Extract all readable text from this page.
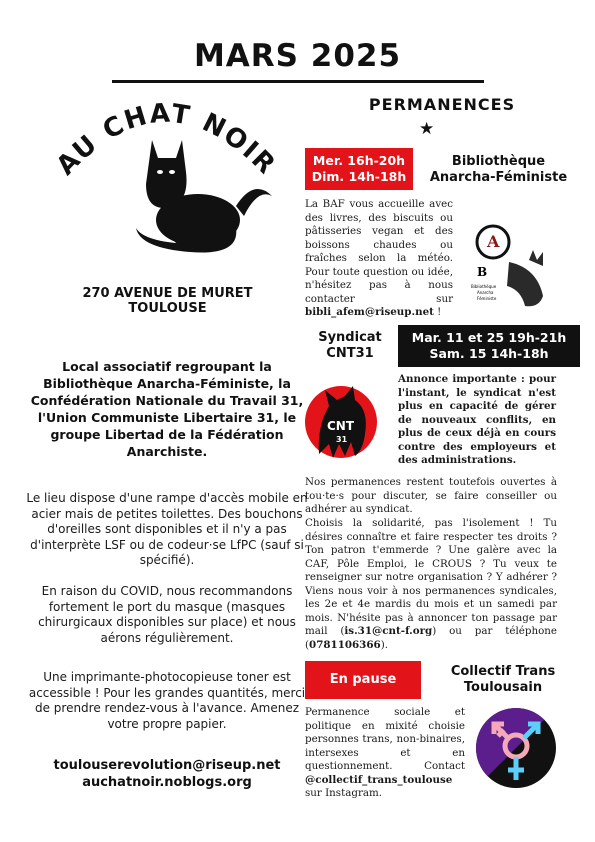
MARS 2025
AU CHAT NOIR
270 AVENUE DE MURET
TOULOUSE
Local associatif regroupant la Bibliothèque Anarcha-Féministe, la Confédération Nationale du Travail 31, l'Union Communiste Libertaire 31, le groupe Libertad de la Fédération Anarchiste.
Le lieu dispose d'une rampe d'accès mobile en acier mais de petites toilettes. Des bouchons d'oreilles sont disponibles et il n'y a pas d'interprète LSF ou de codeur·se LfPC (sauf si spécifié).
En raison du COVID, nous recommandons fortement le port du masque (masques chirurgicaux disponibles sur place) et nous aérons régulièrement.
Une imprimante-photocopieuse toner est accessible ! Pour les grandes quantités, merci de prendre rendez-vous à l'avance. Amenez votre propre papier.
toulouserevolution@riseup.net
auchatnoir.noblogs.org
PERMANENCES
★
Mer. 16h-20h
Dim. 14h-18h
Bibliothèque
Anarcha-Féministe
La BAF vous accueille avec des livres, des biscuits ou pâtisseries vegan et des boissons chaudes ou fraîches selon la météo. Pour toute question ou idée, n'hésitez pas à nous contacter sur bibli_afem@riseup.net !
B
A
Bibliothèque
Anarcha
Féministe
Syndicat
CNT31
Mar. 11 et 25 19h-21h
Sam. 15 14h-18h
CNT
31
Annonce importante : pour l'instant, le syndicat n'est plus en capacité de gérer de nouveaux conflits, en plus de ceux déjà en cours contre des employeurs et des administrations.
Nos permanences restent toutefois ouvertes à tou·te·s pour discuter, se faire conseiller ou adhérer au syndicat.
Choisis la solidarité, pas l'isolement ! Tu désires connaître et faire respecter tes droits ? Ton patron t'emmerde ? Une galère avec la CAF, Pôle Emploi, le CROUS ? Tu veux te renseigner sur notre organisation ? Y adhérer ? Viens nous voir à nos permanences syndicales, les 2e et 4e mardis du mois et un samedi par mois. N'hésite pas à annoncer ton passage par mail (is.31@cnt-f.org) ou par téléphone (0781106366).
En pause
Collectif Trans
Toulousain
Permanence sociale et politique en mixité choisie personnes trans, non-binaires, intersexes et en questionnement. Contact @collectif_trans_toulouse sur Instagram.
